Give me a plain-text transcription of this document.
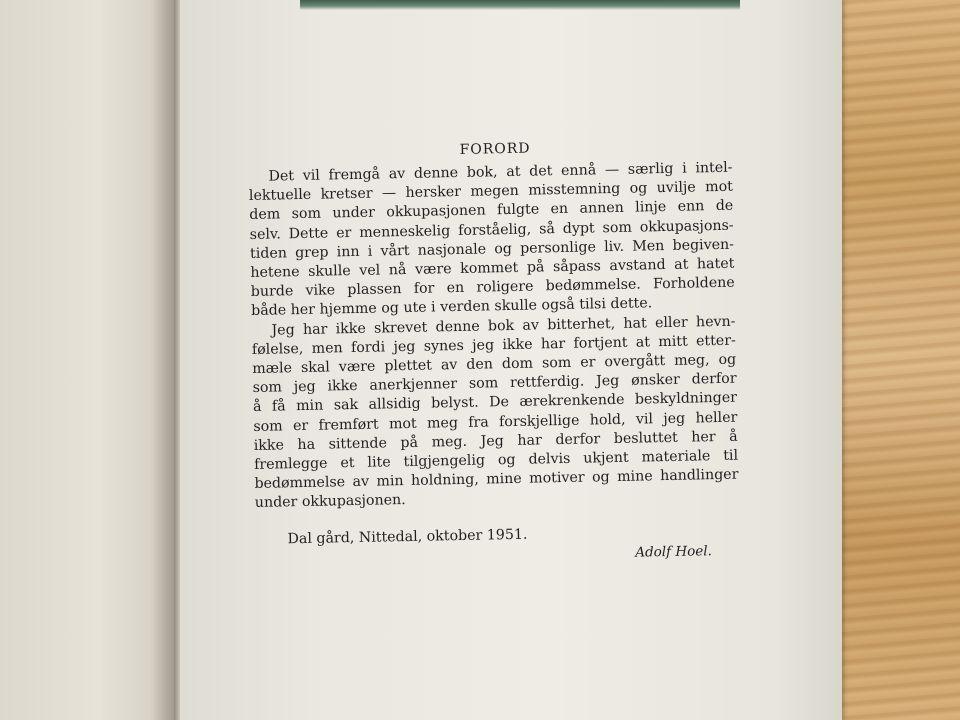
FORORD

Det vil fremgå av denne bok, at det ennå — særlig i intel-

lektuelle kretser — hersker megen misstemning og uvilje mot

dem som under okkupasjonen fulgte en annen linje enn de

selv. Dette er menneskelig forståelig, så dypt som okkupasjons-

tiden grep inn i vårt nasjonale og personlige liv. Men begiven-

hetene skulle vel nå være kommet på såpass avstand at hatet

burde vike plassen for en roligere bedømmelse. Forholdene

både her hjemme og ute i verden skulle også tilsi dette.

Jeg har ikke skrevet denne bok av bitterhet, hat eller hevn-

følelse, men fordi jeg synes jeg ikke har fortjent at mitt etter-

mæle skal være plettet av den dom som er overgått meg, og

som jeg ikke anerkjenner som rettferdig. Jeg ønsker derfor

å få min sak allsidig belyst. De ærekrenkende beskyldninger

som er fremført mot meg fra forskjellige hold, vil jeg heller

ikke ha sittende på meg. Jeg har derfor besluttet her å

fremlegge et lite tilgjengelig og delvis ukjent materiale til

bedømmelse av min holdning, mine motiver og mine handlinger

under okkupasjonen.

Dal gård, Nittedal, oktober 1951.

Adolf Hoel.
